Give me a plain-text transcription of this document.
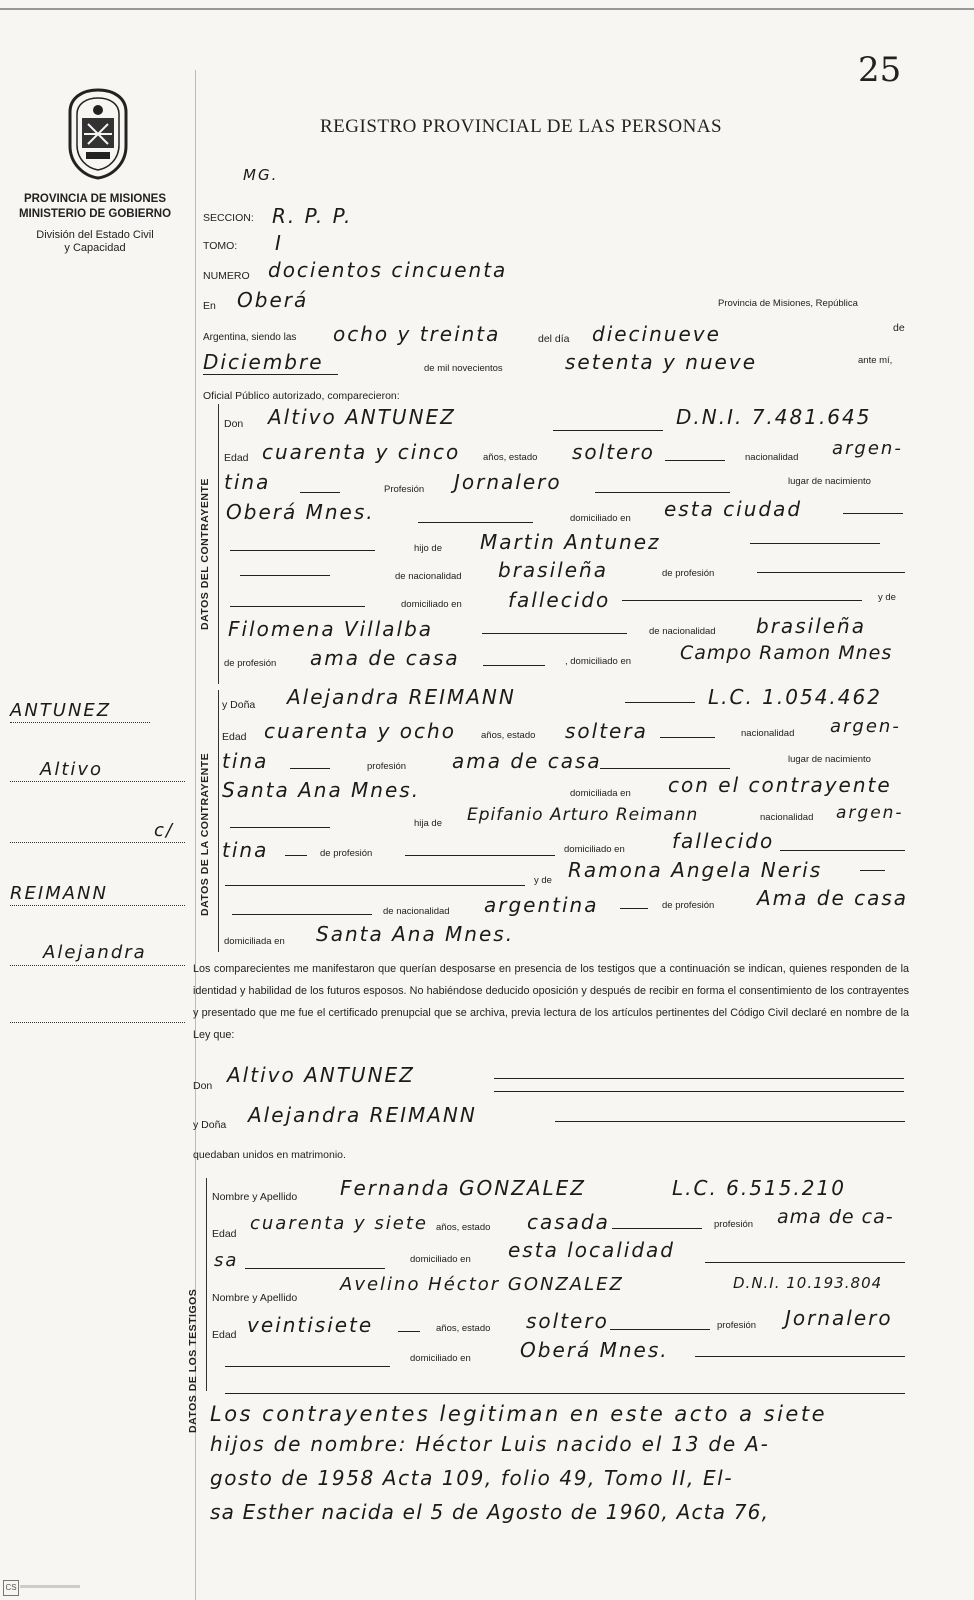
25
REGISTRO PROVINCIAL DE LAS PERSONAS
PROVINCIA DE MISIONES
MINISTERIO DE GOBIERNO
División del Estado Civil
y Capacidad
MG.
SECCION: R. P. P.
TOMO: I
NUMERO docientos cincuenta
En Oberá	Provincia de Misiones, República
Argentina, siendo las ocho y treinta	del día diecinueve	de
Diciembre	de mil novecientos	setenta y nueve	ante mí,
Oficial Público autorizado, comparecieron:
DATOS DEL CONTRAYENTE
Don Altivo ANTUNEZ	D.N.I. 7.481.645
Edad cuarenta y cinco años, estado soltero	nacionalidad argen-
tina	Profesión Jornalero	lugar de nacimiento
Oberá Mnes.	domiciliado en esta ciudad
hijo de Martin Antunez
de nacionalidad brasileña	de profesión
domiciliado en fallecido	y de
Filomena Villalba	de nacionalidad brasileña
de profesión ama de casa	, domiciliado en	Campo Ramon Mnes
DATOS DE LA CONTRAYENTE
y Doña Alejandra REIMANN	L.C. 1.054.462
Edad cuarenta y ocho	años, estado soltera	nacionalidad argen-
tina	profesión ama de casa	lugar de nacimiento
Santa Ana Mnes.	domiciliada en con el contrayente
hija de Epifanio Arturo Reimann	nacionalidad argen-
tina	de profesión	domiciliado en fallecido
y de Ramona Angela Neris
de nacionalidad argentina	de profesión Ama de casa
domiciliada en Santa Ana Mnes.
Los comparecientes me manifestaron que querían desposarse en presencia de los testigos que a continuación se indican, quienes responden de la identidad y habilidad de los futuros esposos. No habiéndose deducido oposición y después de recibir en forma el consentimiento de los contrayentes y presentado que me fue el certificado prenupcial que se archiva, previa lectura de los artículos pertinentes del Código Civil declaré en nombre de la Ley que:
Don Altivo ANTUNEZ
y Doña Alejandra REIMANN
quedaban unidos en matrimonio.
DATOS DE LOS TESTIGOS
Nombre y Apellido Fernanda GONZALEZ	L.C. 6.515.210
Edad cuarenta y siete años, estado casada	profesión ama de ca-
sa	domiciliado en esta localidad
Nombre y Apellido
Avelino Héctor GONZALEZ	D.N.I. 10.193.804
Edad veintisiete	años, estado soltero	profesión Jornalero
domiciliado en Oberá Mnes.
Los contrayentes legitiman en este acto a siete
hijos de nombre: Héctor Luis nacido el 13 de A-
gosto de 1958 Acta 109, folio 49, Tomo II, El-
sa Esther nacida el 5 de Agosto de 1960, Acta 76,
ANTUNEZ
Altivo
c/
REIMANN
Alejandra
CS
